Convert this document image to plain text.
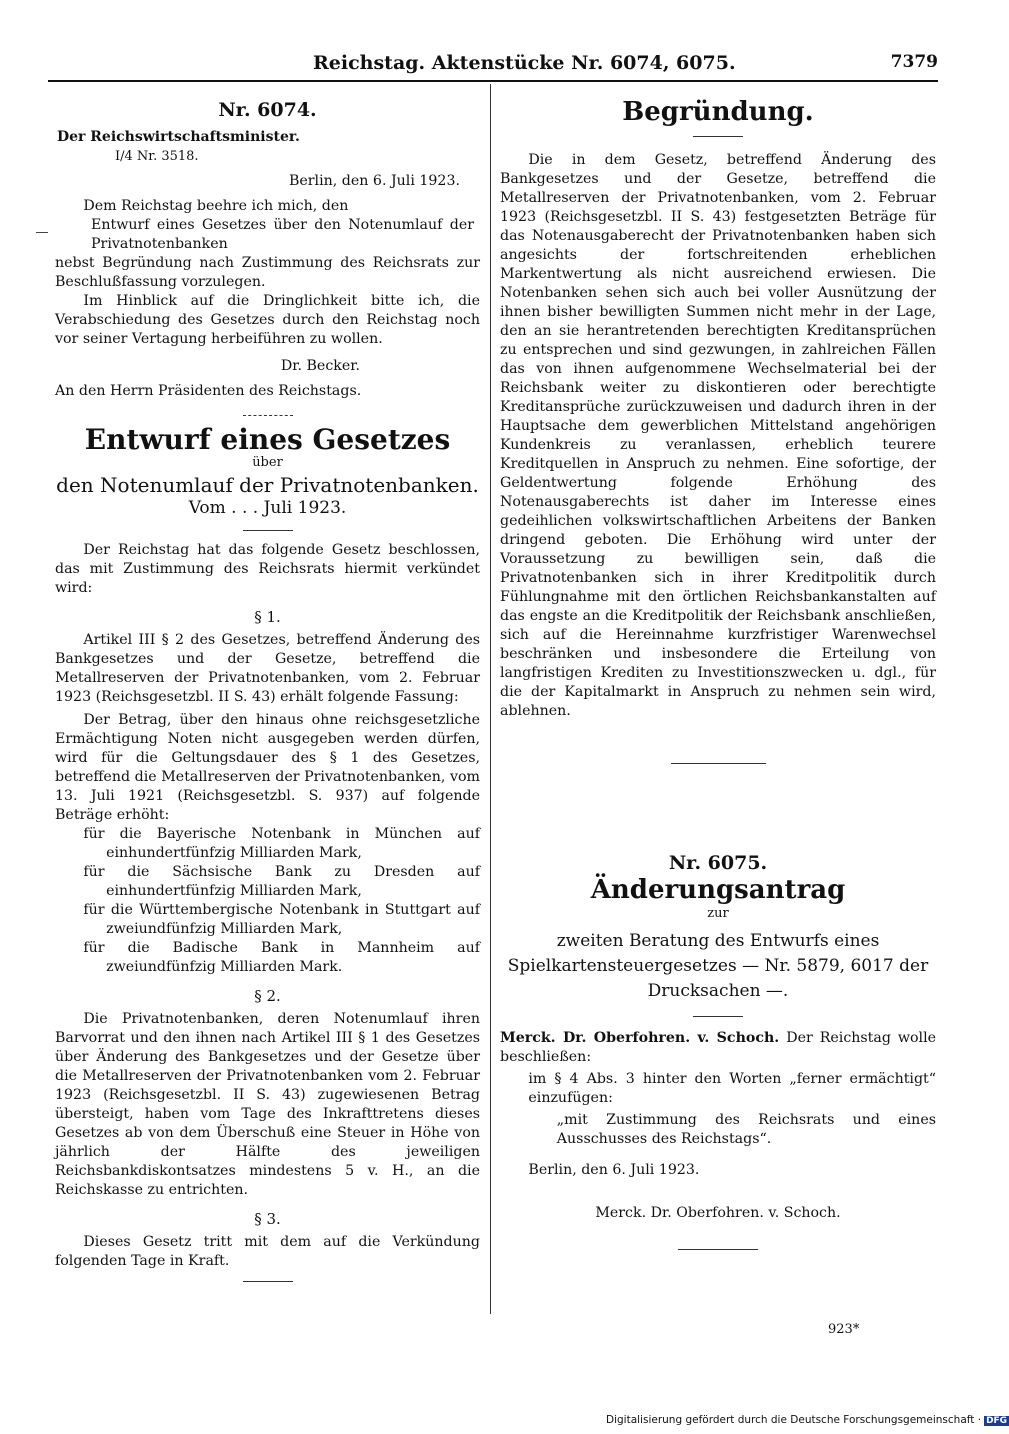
Reichstag. Aktenstücke Nr. 6074, 6075.	7379
Nr. 6074.
Der Reichswirtschaftsminister.
I/4 Nr. 3518.
Berlin, den 6. Juli 1923.

Dem Reichstag beehre ich mich, den

Entwurf eines Gesetzes über den Notenumlauf der Privatnotenbanken

nebst Begründung nach Zustimmung des Reichsrats zur Beschlußfassung vorzulegen.

Im Hinblick auf die Dringlichkeit bitte ich, die Verabschiedung des Gesetzes durch den Reichstag noch vor seiner Vertagung herbeiführen zu wollen.

Dr. Becker.

An den Herrn Präsidenten des Reichstags.

Entwurf eines Gesetzes
über
den Notenumlauf der Privatnotenbanken.
Vom . . . Juli 1923.

Der Reichstag hat das folgende Gesetz beschlossen, das mit Zustimmung des Reichsrats hiermit verkündet wird:

§ 1.

Artikel III § 2 des Gesetzes, betreffend Änderung des Bankgesetzes und der Gesetze, betreffend die Metallreserven der Privatnotenbanken, vom 2. Februar 1923 (Reichsgesetzbl. II S. 43) erhält folgende Fassung:

Der Betrag, über den hinaus ohne reichsgesetzliche Ermächtigung Noten nicht ausgegeben werden dürfen, wird für die Geltungsdauer des § 1 des Gesetzes, betreffend die Metallreserven der Privatnotenbanken, vom 13. Juli 1921 (Reichsgesetzbl. S. 937) auf folgende Beträge erhöht:

für die Bayerische Notenbank in München auf einhundertfünfzig Milliarden Mark,

für die Sächsische Bank zu Dresden auf einhundertfünfzig Milliarden Mark,

für die Württembergische Notenbank in Stuttgart auf zweiundfünfzig Milliarden Mark,

für die Badische Bank in Mannheim auf zweiundfünfzig Milliarden Mark.

§ 2.

Die Privatnotenbanken, deren Notenumlauf ihren Barvorrat und den ihnen nach Artikel III § 1 des Gesetzes über Änderung des Bankgesetzes und der Gesetze über die Metallreserven der Privatnotenbanken vom 2. Februar 1923 (Reichsgesetzbl. II S. 43) zugewiesenen Betrag übersteigt, haben vom Tage des Inkrafttretens dieses Gesetzes ab von dem Überschuß eine Steuer in Höhe von jährlich der Hälfte des jeweiligen Reichsbankdiskontsatzes mindestens 5 v. H., an die Reichskasse zu entrichten.

§ 3.

Dieses Gesetz tritt mit dem auf die Verkündung folgenden Tage in Kraft.

Begründung.

Die in dem Gesetz, betreffend Änderung des Bankgesetzes und der Gesetze, betreffend die Metallreserven der Privatnotenbanken, vom 2. Februar 1923 (Reichsgesetzbl. II S. 43) festgesetzten Beträge für das Notenausgaberecht der Privatnotenbanken haben sich angesichts der fortschreitenden erheblichen Markentwertung als nicht ausreichend erwiesen. Die Notenbanken sehen sich auch bei voller Ausnützung der ihnen bisher bewilligten Summen nicht mehr in der Lage, den an sie herantretenden berechtigten Kreditansprüchen zu entsprechen und sind gezwungen, in zahlreichen Fällen das von ihnen aufgenommene Wechselmaterial bei der Reichsbank weiter zu diskontieren oder berechtigte Kreditansprüche zurückzuweisen und dadurch ihren in der Hauptsache dem gewerblichen Mittelstand angehörigen Kundenkreis zu veranlassen, erheblich teurere Kreditquellen in Anspruch zu nehmen. Eine sofortige, der Geldentwertung folgende Erhöhung des Notenausgaberechts ist daher im Interesse eines gedeihlichen volkswirtschaftlichen Arbeitens der Banken dringend geboten. Die Erhöhung wird unter der Voraussetzung zu bewilligen sein, daß die Privatnotenbanken sich in ihrer Kreditpolitik durch Fühlungnahme mit den örtlichen Reichsbankanstalten auf das engste an die Kreditpolitik der Reichsbank anschließen, sich auf die Hereinnahme kurzfristiger Warenwechsel beschränken und insbesondere die Erteilung von langfristigen Krediten zu Investitionszwecken u. dgl., für die der Kapitalmarkt in Anspruch zu nehmen sein wird, ablehnen.

Nr. 6075.
Änderungsantrag
zur

zweiten Beratung des Entwurfs eines Spielkartensteuergesetzes — Nr. 5879, 6017 der Drucksachen —.

Merck. Dr. Oberfohren. v. Schoch. Der Reichstag wolle beschließen:

im § 4 Abs. 3 hinter den Worten „ferner ermächtigt“ einzufügen:

„mit Zustimmung des Reichsrats und eines Ausschusses des Reichstags“.

Berlin, den 6. Juli 1923.

Merck. Dr. Oberfohren. v. Schoch.

923*
Digitalisierung gefördert durch die Deutsche Forschungsgemeinschaft · DFG
